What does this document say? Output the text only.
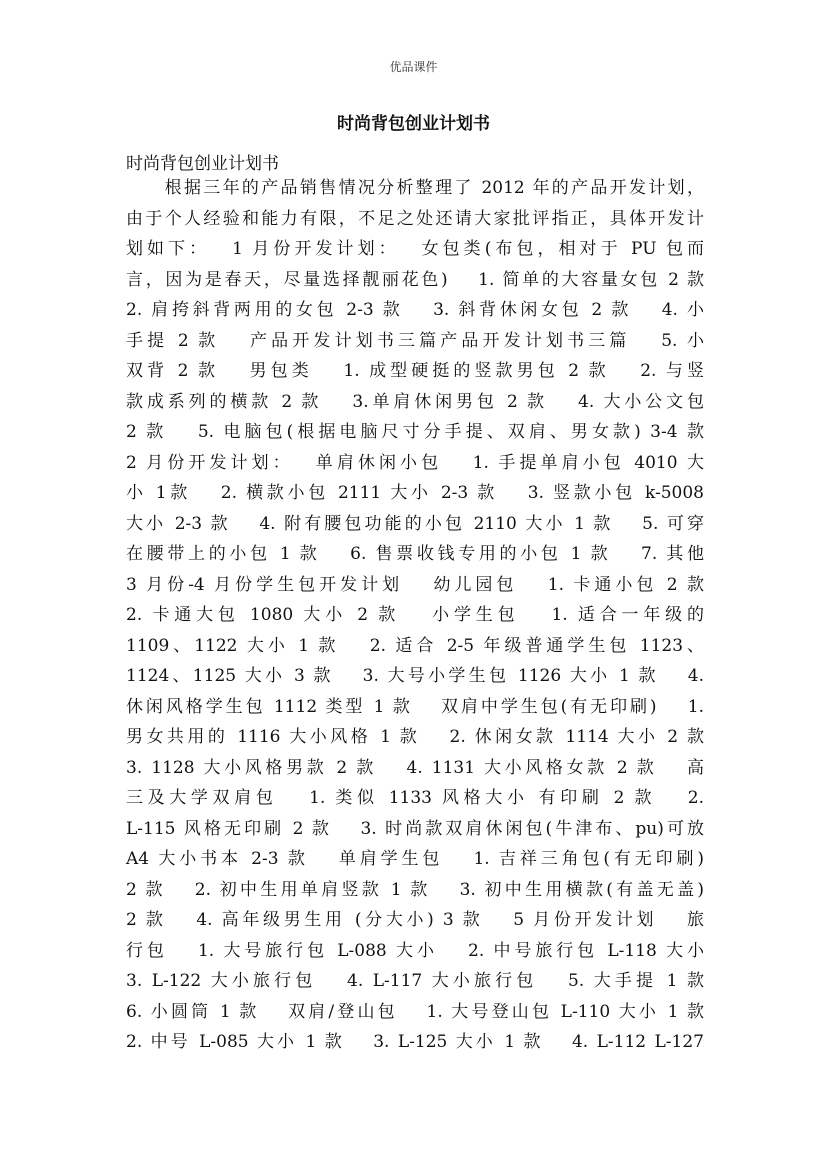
优品课件
时尚背包创业计划书
时尚背包创业计划书
　　根据三年的产品销售情况分析整理了 2012 年的产品开发计划，
由于个人经验和能力有限，不足之处还请大家批评指正，具体开发计
划如下：　 1 月份开发计划：　 女包类(布包，相对于 PU 包而
言，因为是春天，尽量选择靓丽花色)　 1. 简单的大容量女包 2 款
2. 肩挎斜背两用的女包 2-3 款　 3. 斜背休闲女包 2 款　 4. 小
手提 2 款　 产品开发计划书三篇产品开发计划书三篇　 5. 小
双背 2 款　 男包类　 1. 成型硬挺的竖款男包 2 款　 2. 与竖
款成系列的横款 2 款　 3.单肩休闲男包 2 款　 4. 大小公文包
2 款　 5. 电脑包(根据电脑尺寸分手提、双肩、男女款) 3-4 款
2 月份开发计划：　 单肩休闲小包　 1. 手提单肩小包 4010 大
小 1款　 2. 横款小包 2111 大小 2-3 款　 3. 竖款小包 k-5008
大小 2-3 款　 4. 附有腰包功能的小包 2110 大小 1 款　 5. 可穿
在腰带上的小包 1 款　 6. 售票收钱专用的小包 1 款　 7. 其他
3 月份-4 月份学生包开发计划　 幼儿园包　 1. 卡通小包 2 款
2. 卡通大包 1080 大小 2 款　 小学生包　 1. 适合一年级的
1109、1122 大小 1 款　 2. 适合 2-5 年级普通学生包 1123、
1124、1125 大小 3 款　 3. 大号小学生包 1126 大小 1 款　 4.
休闲风格学生包 1112 类型 1 款　 双肩中学生包(有无印刷)　 1.
男女共用的 1116 大小风格 1 款　 2. 休闲女款 1114 大小 2 款
3. 1128 大小风格男款 2 款　 4. 1131 大小风格女款 2 款　 高
三及大学双肩包　 1. 类似 1133 风格大小 有印刷 2 款　 2.
L-115 风格无印刷 2 款　 3. 时尚款双肩休闲包(牛津布、pu)可放
A4 大小书本 2-3 款　 单肩学生包　 1. 吉祥三角包(有无印刷)
2 款　 2. 初中生用单肩竖款 1 款　 3. 初中生用横款(有盖无盖)
2 款　 4. 高年级男生用 (分大小) 3 款　 5 月份开发计划　 旅
行包　 1. 大号旅行包 L-088 大小　 2. 中号旅行包 L-118 大小
3. L-122 大小旅行包　 4. L-117 大小旅行包　 5. 大手提 1 款
6. 小圆筒 1 款　 双肩/登山包　 1. 大号登山包 L-110 大小 1 款
2. 中号 L-085 大小 1 款　 3. L-125 大小 1 款　 4. L-112 L-127
